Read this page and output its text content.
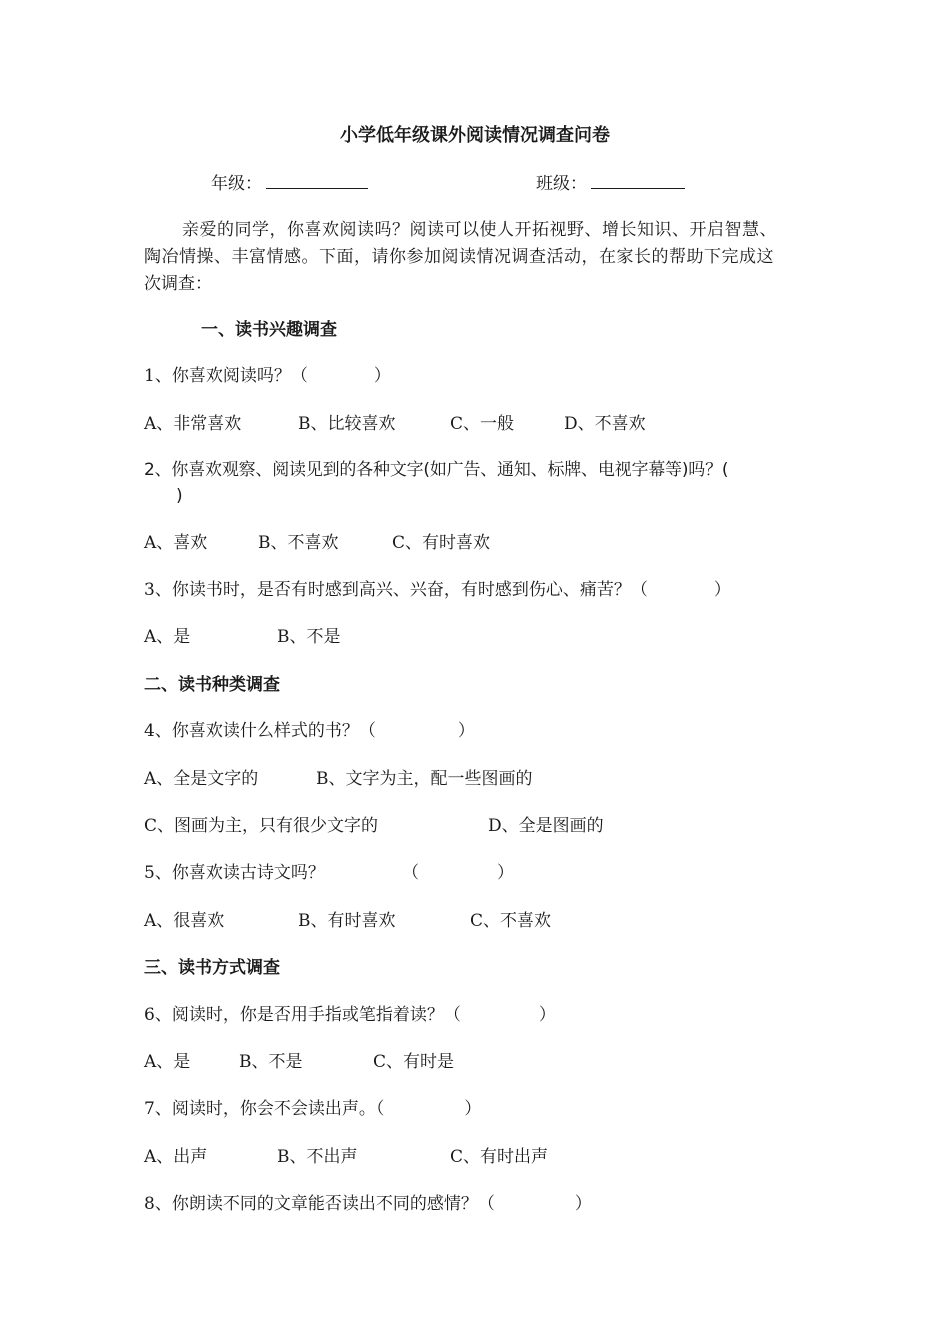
小学低年级课外阅读情况调查问卷
年级：	班级：
亲爱的同学，你喜欢阅读吗？阅读可以使人开拓视野、增长知识、开启智慧、
陶冶情操、丰富情感。下面，请你参加阅读情况调查活动，在家长的帮助下完成这
次调查：
一、读书兴趣调查
1、你喜欢阅读吗？（	）
A、非常喜欢	B、比较喜欢	C、一般	D、不喜欢
2、你喜欢观察、阅读见到的各种文字(如广告、通知、标牌、电视字幕等)吗？(
)
A、喜欢	B、不喜欢	C、有时喜欢
3、你读书时，是否有时感到高兴、兴奋，有时感到伤心、痛苦？（	）
A、是	B、不是
二、读书种类调查
4、你喜欢读什么样式的书？（	）
A、全是文字的	B、文字为主，配一些图画的
C、图画为主，只有很少文字的	D、全是图画的
5、你喜欢读古诗文吗？	（	）
A、很喜欢	B、有时喜欢	C、不喜欢
三、读书方式调查
6、阅读时，你是否用手指或笔指着读？（	）
A、是	B、不是	C、有时是
7、阅读时，你会不会读出声。（	）
A、出声	B、不出声	C、有时出声
8、你朗读不同的文章能否读出不同的感情？（	）
